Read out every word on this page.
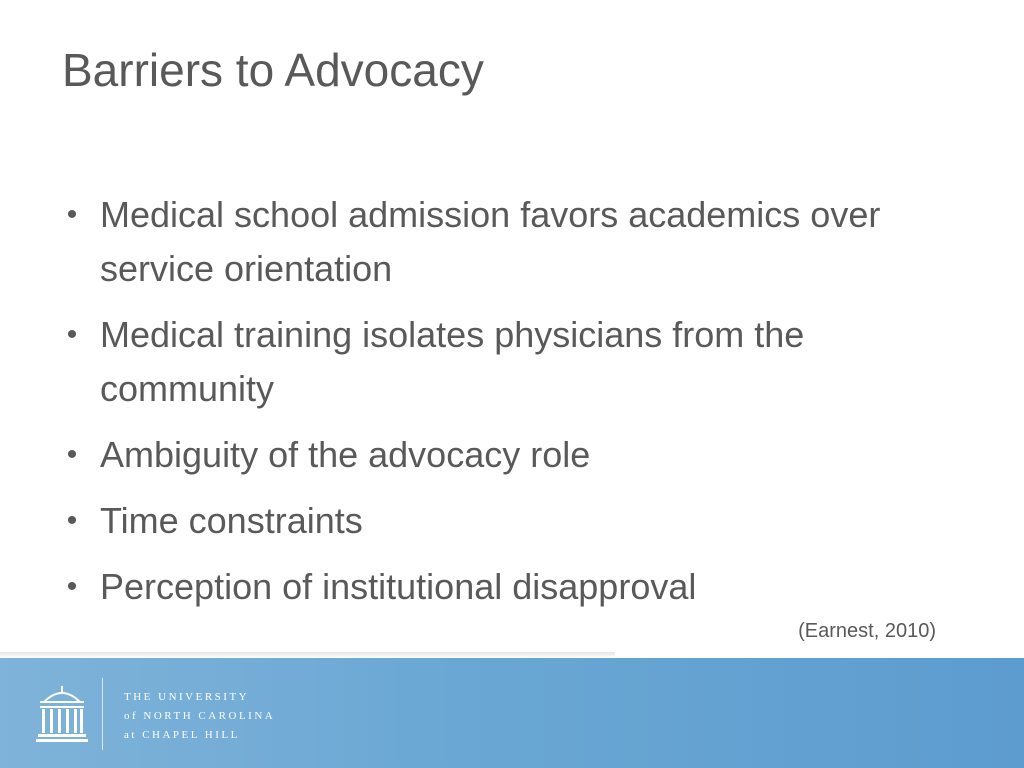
Barriers to Advocacy
• Medical school admission favors academics over service orientation
• Medical training isolates physicians from the community
• Ambiguity of the advocacy role
• Time constraints
• Perception of institutional disapproval
(Earnest, 2010)
THE UNIVERSITY
of NORTH CAROLINA
at CHAPEL HILL
